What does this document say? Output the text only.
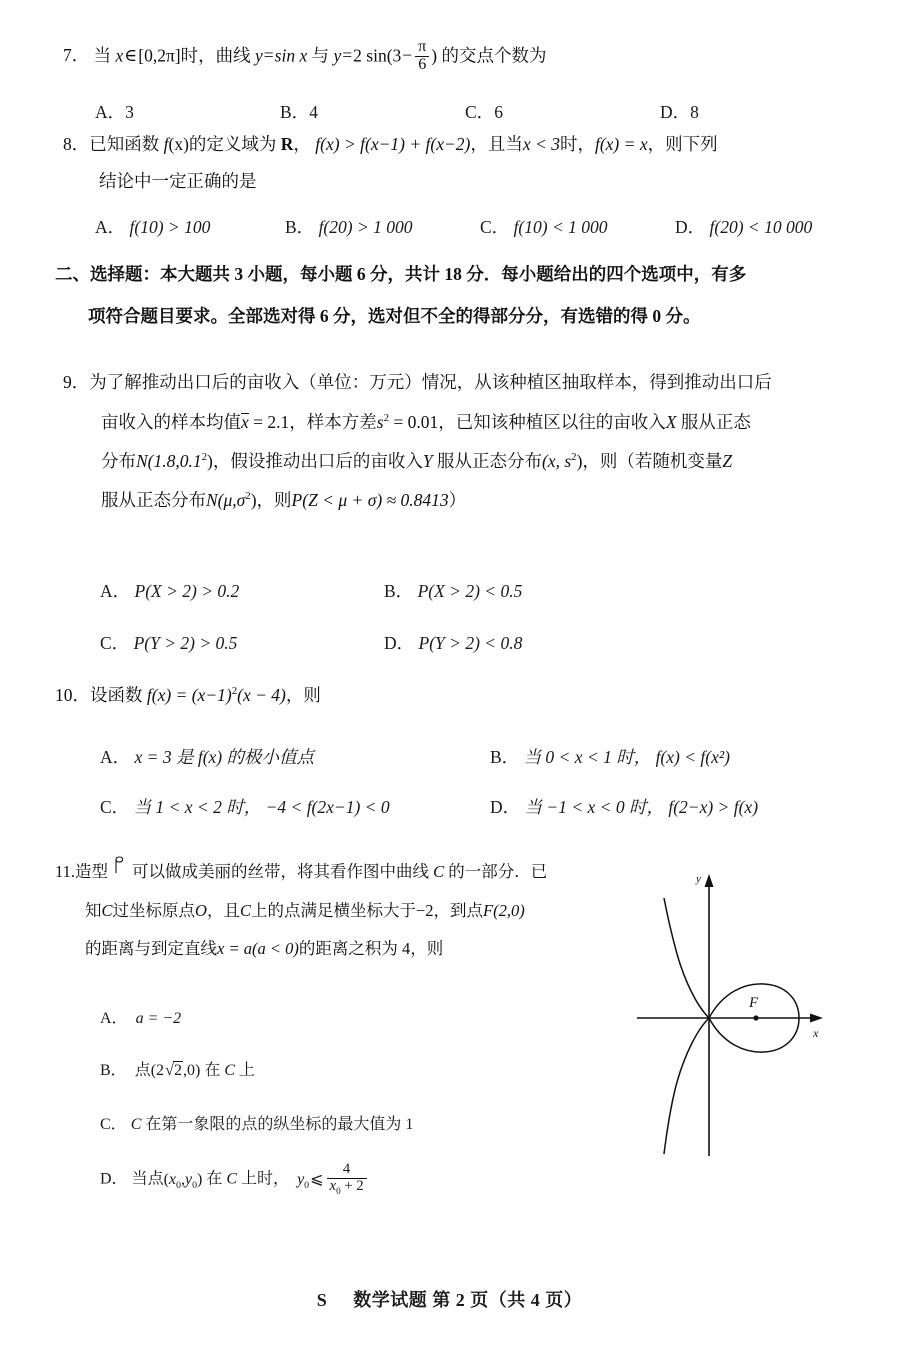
7． 当 x∈[0,2π]时，曲线 y=sin x 与 y=2 $\sin(3- \frac{\pi}{6}$ ) 的交点个数为
A．3	B．4	C．6	D．8
8．已知函数 f(x)的定义域为 R， f(x) > f(x−1) + f(x−2)，且当x < 3时，f(x) = x，则下列
结论中一定正确的是
A． f(10) > 100	B． f(20) > 1 000	C． f(10) < 1 000	D． f(20) < 10 000
二、选择题：本大题共 3 小题，每小题 6 分，共计 18 分．每小题给出的四个选项中，有多
项符合题目要求。全部选对得 6 分，选对但不全的得部分分，有选错的得 0 分。
9．为了解推动出口后的亩收入（单位：万元）情况，从该种植区抽取样本，得到推动出口后
亩收入的样本均值x = 2.1，样本方差$s^2 = 0.01$，已知该种植区以往的亩收入X 服从正态
分布N(1.8,0.1$^2$)，假设推动出口后的亩收入Y 服从正态分布(x, $s^2$)，则（若随机变量Z
服从正态分布$N(\mu,\sigma^2)$，则P(Z < μ + σ) ≈ 0.8413）
A． P(X > 2) > 0.2	B． P(X > 2) < 0.5
C． P(Y > 2) > 0.5	D． P(Y > 2) < 0.8
10．设函数 $f(x) = (x-1)^2(x - 4)$，则
A． x = 3 是 f(x) 的极小值点	B． 当 0 < x < 1 时， f(x) < f(x²)
C． 当 1 < x < 2 时， −4 < f(2x−1) < 0	D． 当 −1 < x < 0 时， f(2−x) > f(x)
11.造型 可以做成美丽的丝带，将其看作图中曲线 C 的一部分．已
知C过坐标原点O，且C上的点满足横坐标大于−2，到点F(2,0)
的距离与到定直线x = a(a < 0)的距离之积为 4，则
A． a = −2
B． 点(2√2,0) 在 C 上
C． C 在第一象限的点的纵坐标的最大值为 1
D． 当点$(x_0,y_0)$ 在 C 上时， $y_0⩽ \frac{4}{x_0 + 2}$
y
x
F
S 数学试题 第 2 页（共 4 页）
